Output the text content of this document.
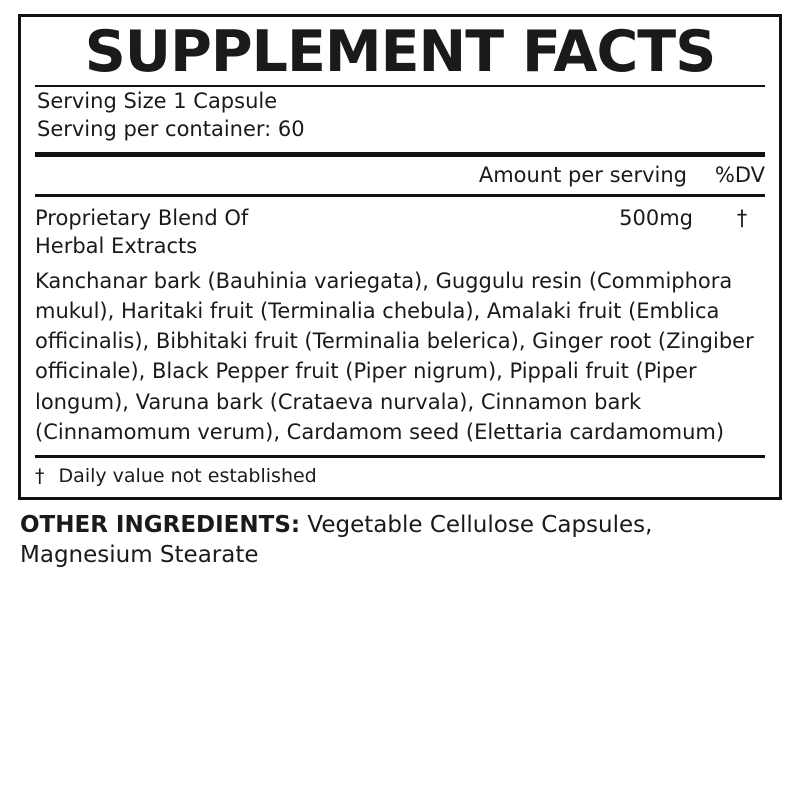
SUPPLEMENT FACTS
Serving Size 1 Capsule
Serving per container: 60
Amount per serving %DV
Proprietary Blend Of	500mg	†
Herbal Extracts
Kanchanar bark (Bauhinia variegata), Guggulu resin (Commiphora mukul), Haritaki fruit (Terminalia chebula), Amalaki fruit (Emblica officinalis), Bibhitaki fruit (Terminalia belerica), Ginger root (Zingiber officinale), Black Pepper fruit (Piper nigrum), Pippali fruit (Piper longum), Varuna bark (Crataeva nurvala), Cinnamon bark (Cinnamomum verum), Cardamom seed (Elettaria cardamomum)
† Daily value not established
OTHER INGREDIENTS: Vegetable Cellulose Capsules, Magnesium Stearate
